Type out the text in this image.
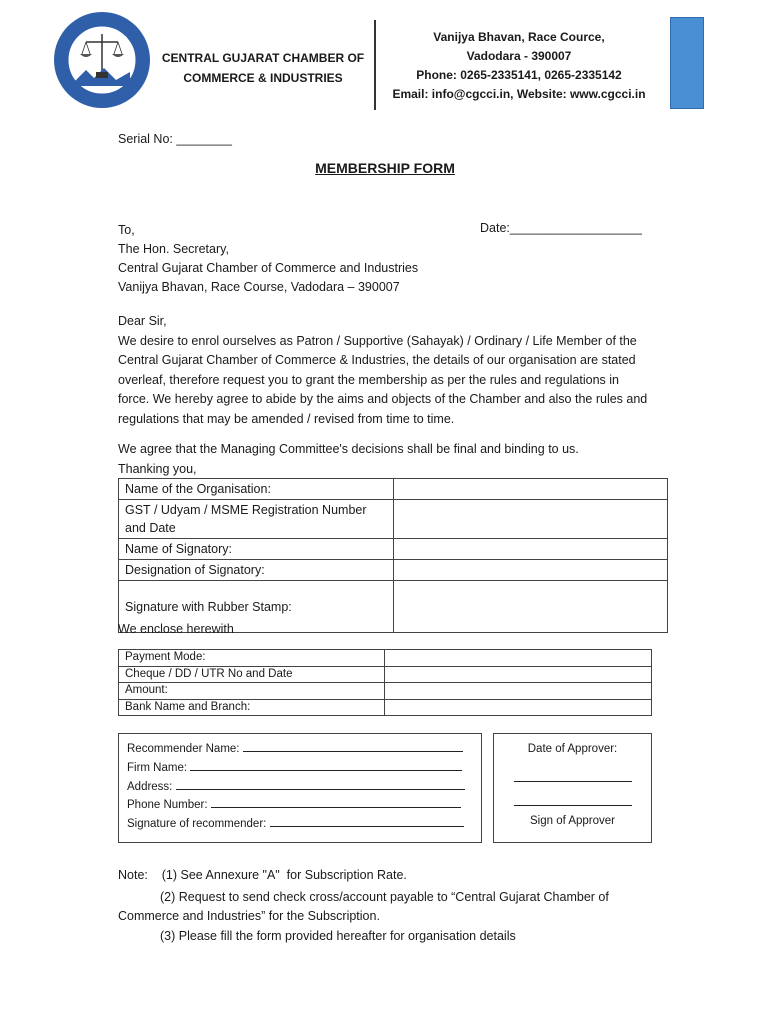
CENTRAL GUJARAT CHAMBER OF
COMMERCE & INDUSTRIES
Vanijya Bhavan, Race Cource,
Vadodara - 390007
Phone: 0265-2335141, 0265-2335142
Email: info@cgcci.in, Website: www.cgcci.in
Serial No: ________
MEMBERSHIP FORM
To,
The Hon. Secretary,
Central Gujarat Chamber of Commerce and Industries
Vanijya Bhavan, Race Course, Vadodara – 390007
Date:___________________
Dear Sir,
We desire to enrol ourselves as Patron / Supportive (Sahayak) / Ordinary / Life Member of the Central Gujarat Chamber of Commerce & Industries, the details of our organisation are stated overleaf, therefore request you to grant the membership as per the rules and regulations in force. We hereby agree to abide by the aims and objects of the Chamber and also the rules and regulations that may be amended / revised from time to time.
We agree that the Managing Committee's decisions shall be final and binding to us.
Thanking you,
Name of the Organisation:	
GST / Udyam / MSME Registration Number and Date	
Name of Signatory:	
Designation of Signatory:	
Signature with Rubber Stamp:	
We enclose herewith
Payment Mode:	
Cheque / DD / UTR No and Date	
Amount:	
Bank Name and Branch:	
Recommender Name:
Firm Name:
Address:
Phone Number:
Signature of recommender:
Date of Approver:
Sign of Approver
Note:    (1) See Annexure "A"  for Subscription Rate.
(2) Request to send check cross/account payable to “Central Gujarat Chamber of
Commerce and Industries” for the Subscription.
(3) Please fill the form provided hereafter for organisation details
